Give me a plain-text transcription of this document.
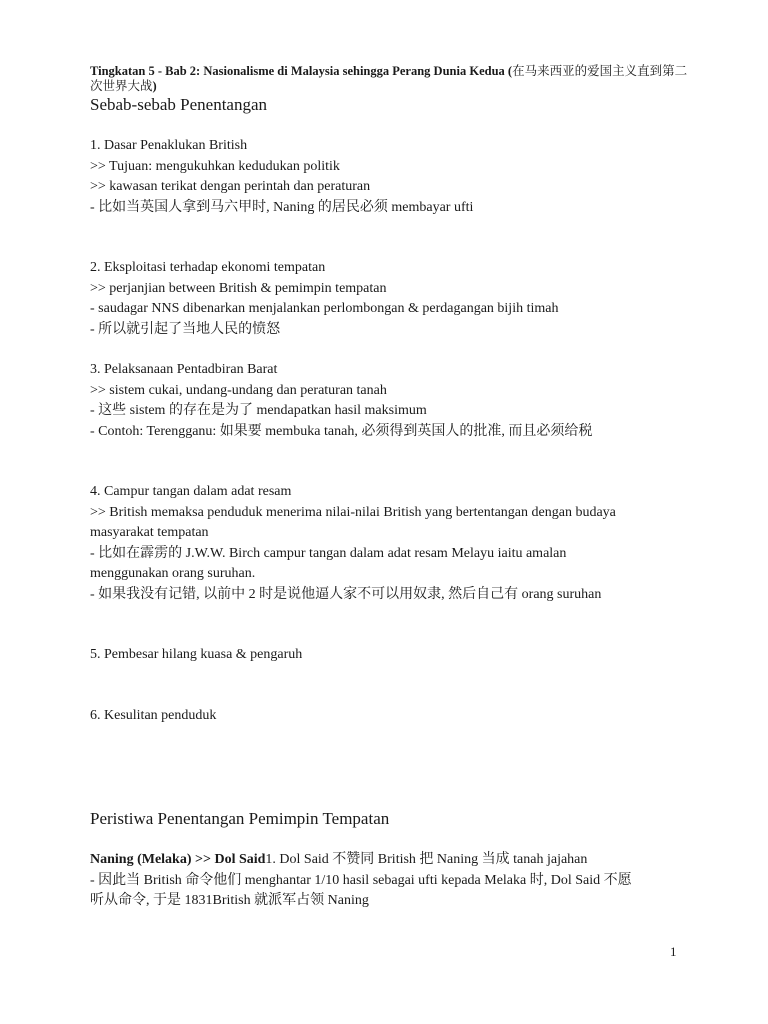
Tingkatan 5 - Bab 2: Nasionalisme di Malaysia sehingga Perang Dunia Kedua (在马来西亚的爱国主义直到第二次世界大战)

Sebab-sebab Penentangan

1. Dasar Penaklukan British

>> Tujuan: mengukuhkan kedudukan politik

>> kawasan terikat dengan perintah dan peraturan

- 比如当英国人拿到马六甲时, Naning 的居民必须 membayar ufti

2. Eksploitasi terhadap ekonomi tempatan

>> perjanjian between British & pemimpin tempatan

- saudagar NNS dibenarkan menjalankan perlombongan & perdagangan bijih timah

- 所以就引起了当地人民的愤怒

3. Pelaksanaan Pentadbiran Barat

>> sistem cukai, undang-undang dan peraturan tanah

- 这些 sistem 的存在是为了 mendapatkan hasil maksimum

- Contoh: Terengganu: 如果要 membuka tanah, 必须得到英国人的批准, 而且必须给税

4. Campur tangan dalam adat resam

>> British memaksa penduduk menerima nilai-nilai British yang bertentangan dengan budaya

masyarakat tempatan

- 比如在霹雳的 J.W.W. Birch campur tangan dalam adat resam Melayu iaitu amalan

menggunakan orang suruhan.

- 如果我没有记错, 以前中 2 时是说他逼人家不可以用奴隶, 然后自己有 orang suruhan

5. Pembesar hilang kuasa & pengaruh

6. Kesulitan penduduk

Peristiwa Penentangan Pemimpin Tempatan

Naning (Melaka) >> Dol Said1. Dol Said 不赞同 British 把 Naning 当成 tanah jajahan

- 因此当 British 命令他们 menghantar 1/10 hasil sebagai ufti kepada Melaka 时, Dol Said 不愿

听从命令, 于是 1831British 就派军占领 Naning

1
